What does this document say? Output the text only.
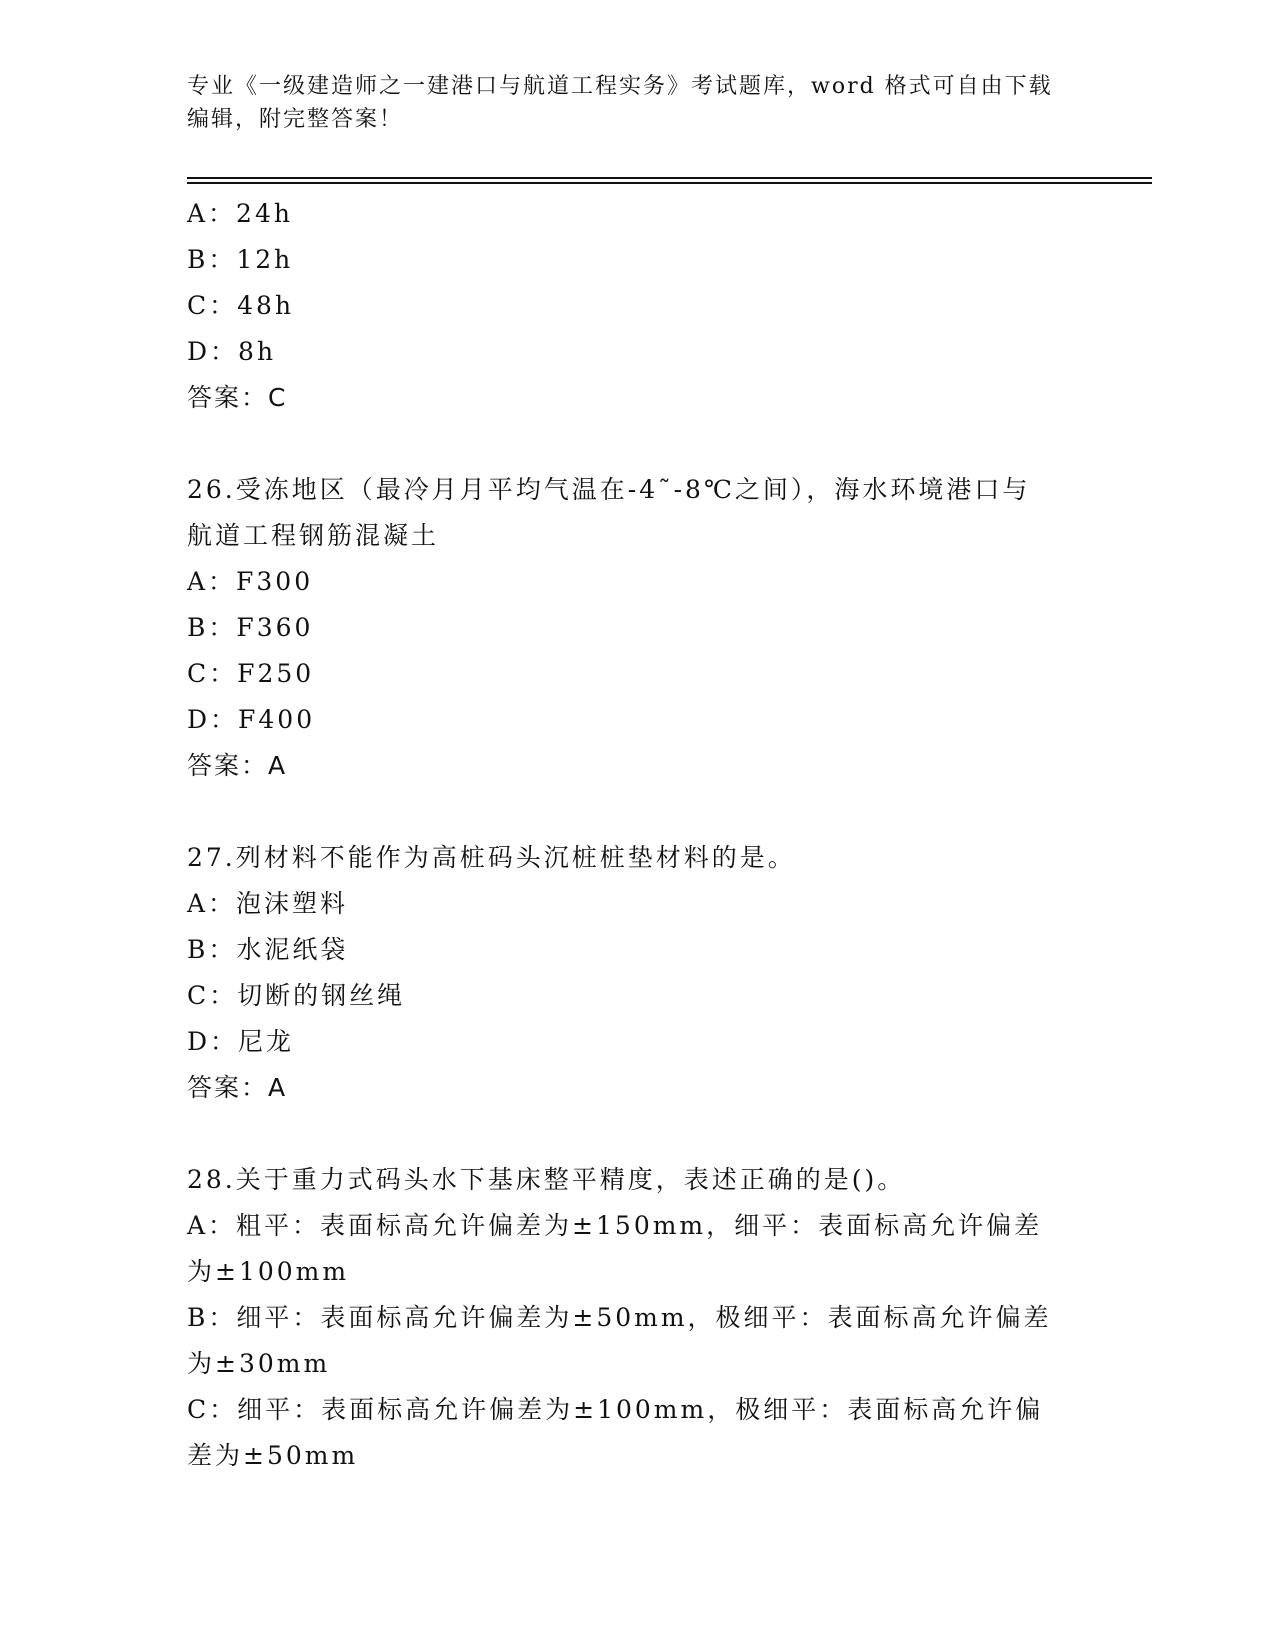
专业《一级建造师之一建港口与航道工程实务》考试题库，word 格式可自由下载编辑，附完整答案！
A：24h
B：12h
C：48h
D：8h
答案：C
26.受冻地区（最冷月月平均气温在-4˜-8℃之间），海水环境港口与航道工程钢筋混凝土
A：F300
B：F360
C：F250
D：F400
答案：A
27.列材料不能作为高桩码头沉桩桩垫材料的是。
A：泡沫塑料
B：水泥纸袋
C：切断的钢丝绳
D：尼龙
答案：A
28.关于重力式码头水下基床整平精度，表述正确的是()。
A：粗平：表面标高允许偏差为±150mm，细平：表面标高允许偏差为±100mm
B：细平：表面标高允许偏差为±50mm，极细平：表面标高允许偏差为±30mm
C：细平：表面标高允许偏差为±100mm，极细平：表面标高允许偏差为±50mm
